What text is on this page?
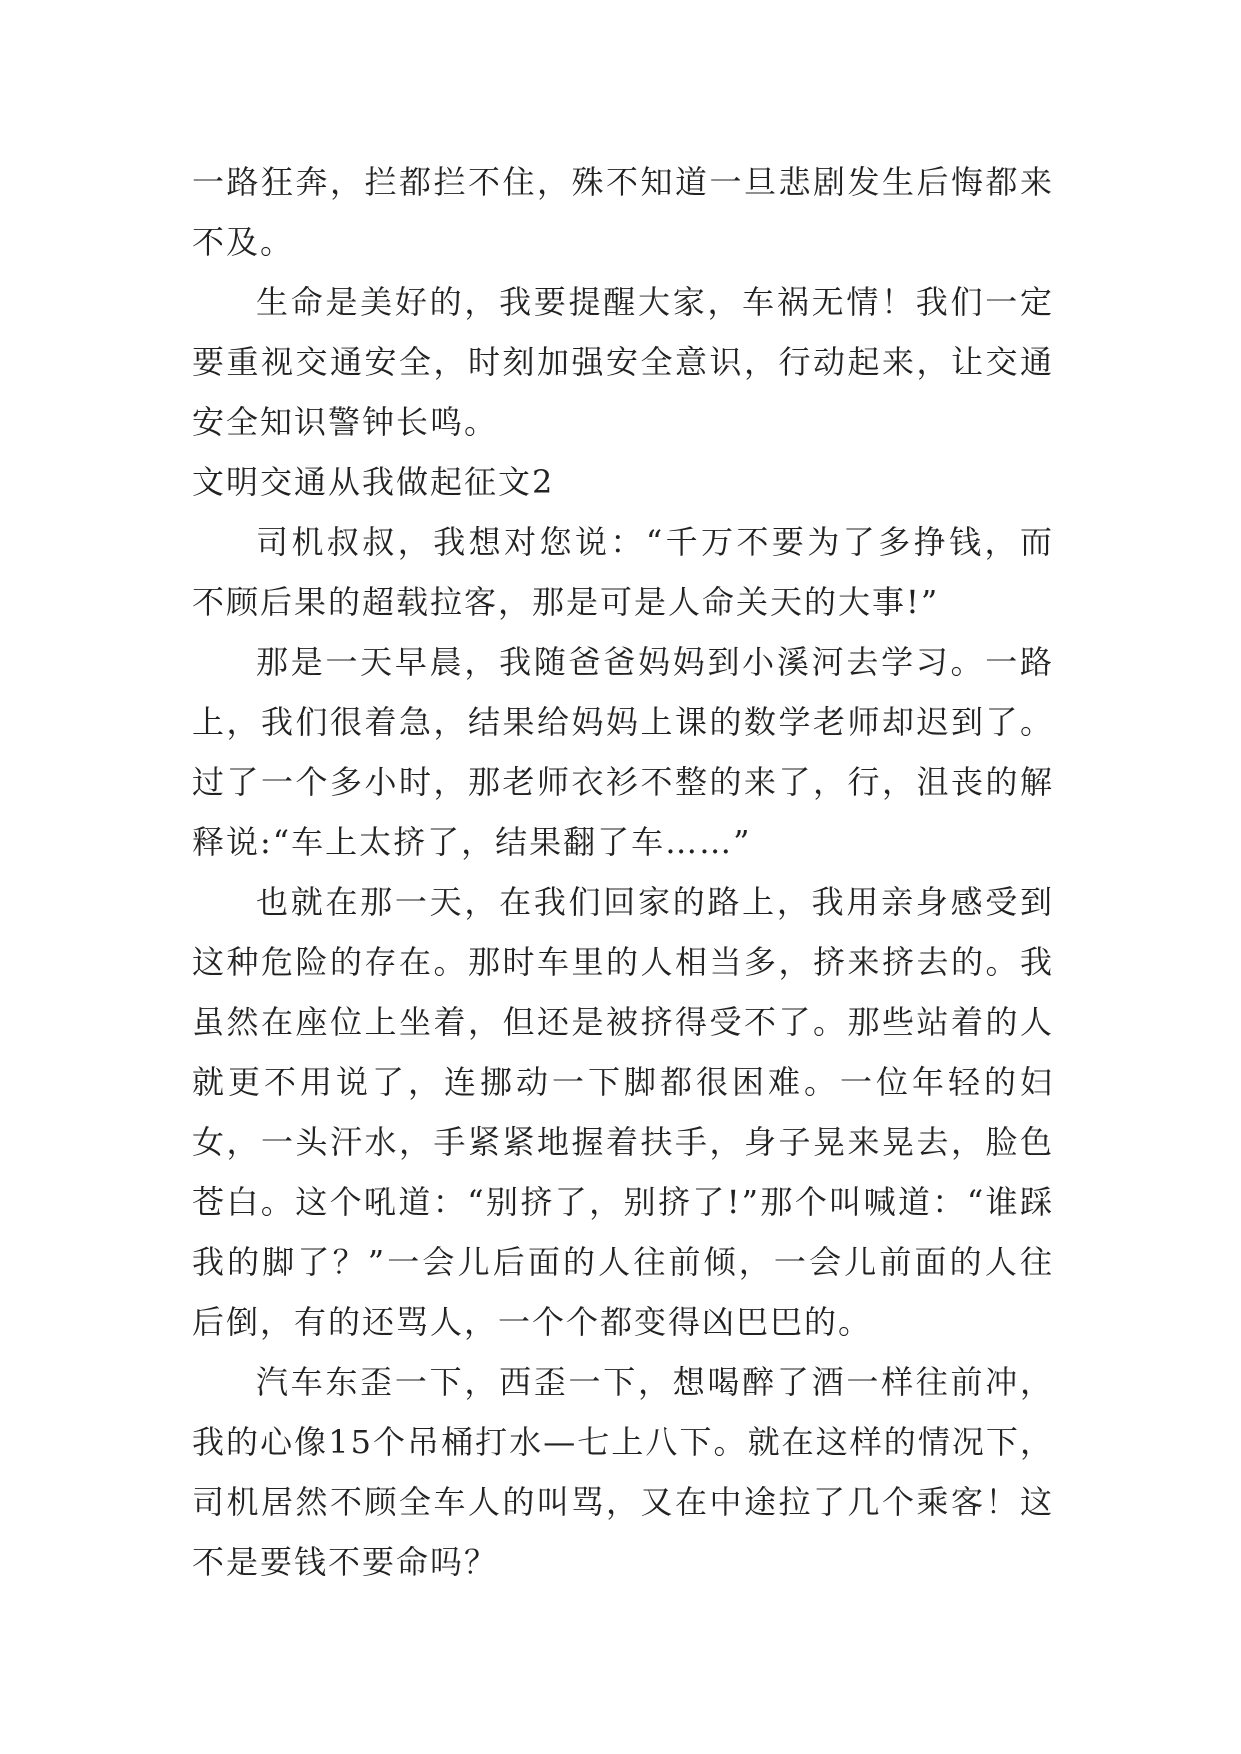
一路狂奔，拦都拦不住，殊不知道一旦悲剧发生后悔都来不及。

生命是美好的，我要提醒大家，车祸无情！我们一定要重视交通安全，时刻加强安全意识，行动起来，让交通安全知识警钟长鸣。

文明交通从我做起征文2

司机叔叔，我想对您说：“千万不要为了多挣钱，而不顾后果的超载拉客，那是可是人命关天的大事!”

那是一天早晨，我随爸爸妈妈到小溪河去学习。一路上，我们很着急，结果给妈妈上课的数学老师却迟到了。过了一个多小时，那老师衣衫不整的来了，行，沮丧的解释说:“车上太挤了，结果翻了车……”

也就在那一天，在我们回家的路上，我用亲身感受到这种危险的存在。那时车里的人相当多，挤来挤去的。我虽然在座位上坐着，但还是被挤得受不了。那些站着的人就更不用说了，连挪动一下脚都很困难。一位年轻的妇女，一头汗水，手紧紧地握着扶手，身子晃来晃去，脸色苍白。这个吼道：“别挤了，别挤了!”那个叫喊道：“谁踩我的脚了？”一会儿后面的人往前倾，一会儿前面的人往后倒，有的还骂人，一个个都变得凶巴巴的。

汽车东歪一下，西歪一下，想喝醉了酒一样往前冲，我的心像15个吊桶打水—七上八下。就在这样的情况下，司机居然不顾全车人的叫骂，又在中途拉了几个乘客！这不是要钱不要命吗？
